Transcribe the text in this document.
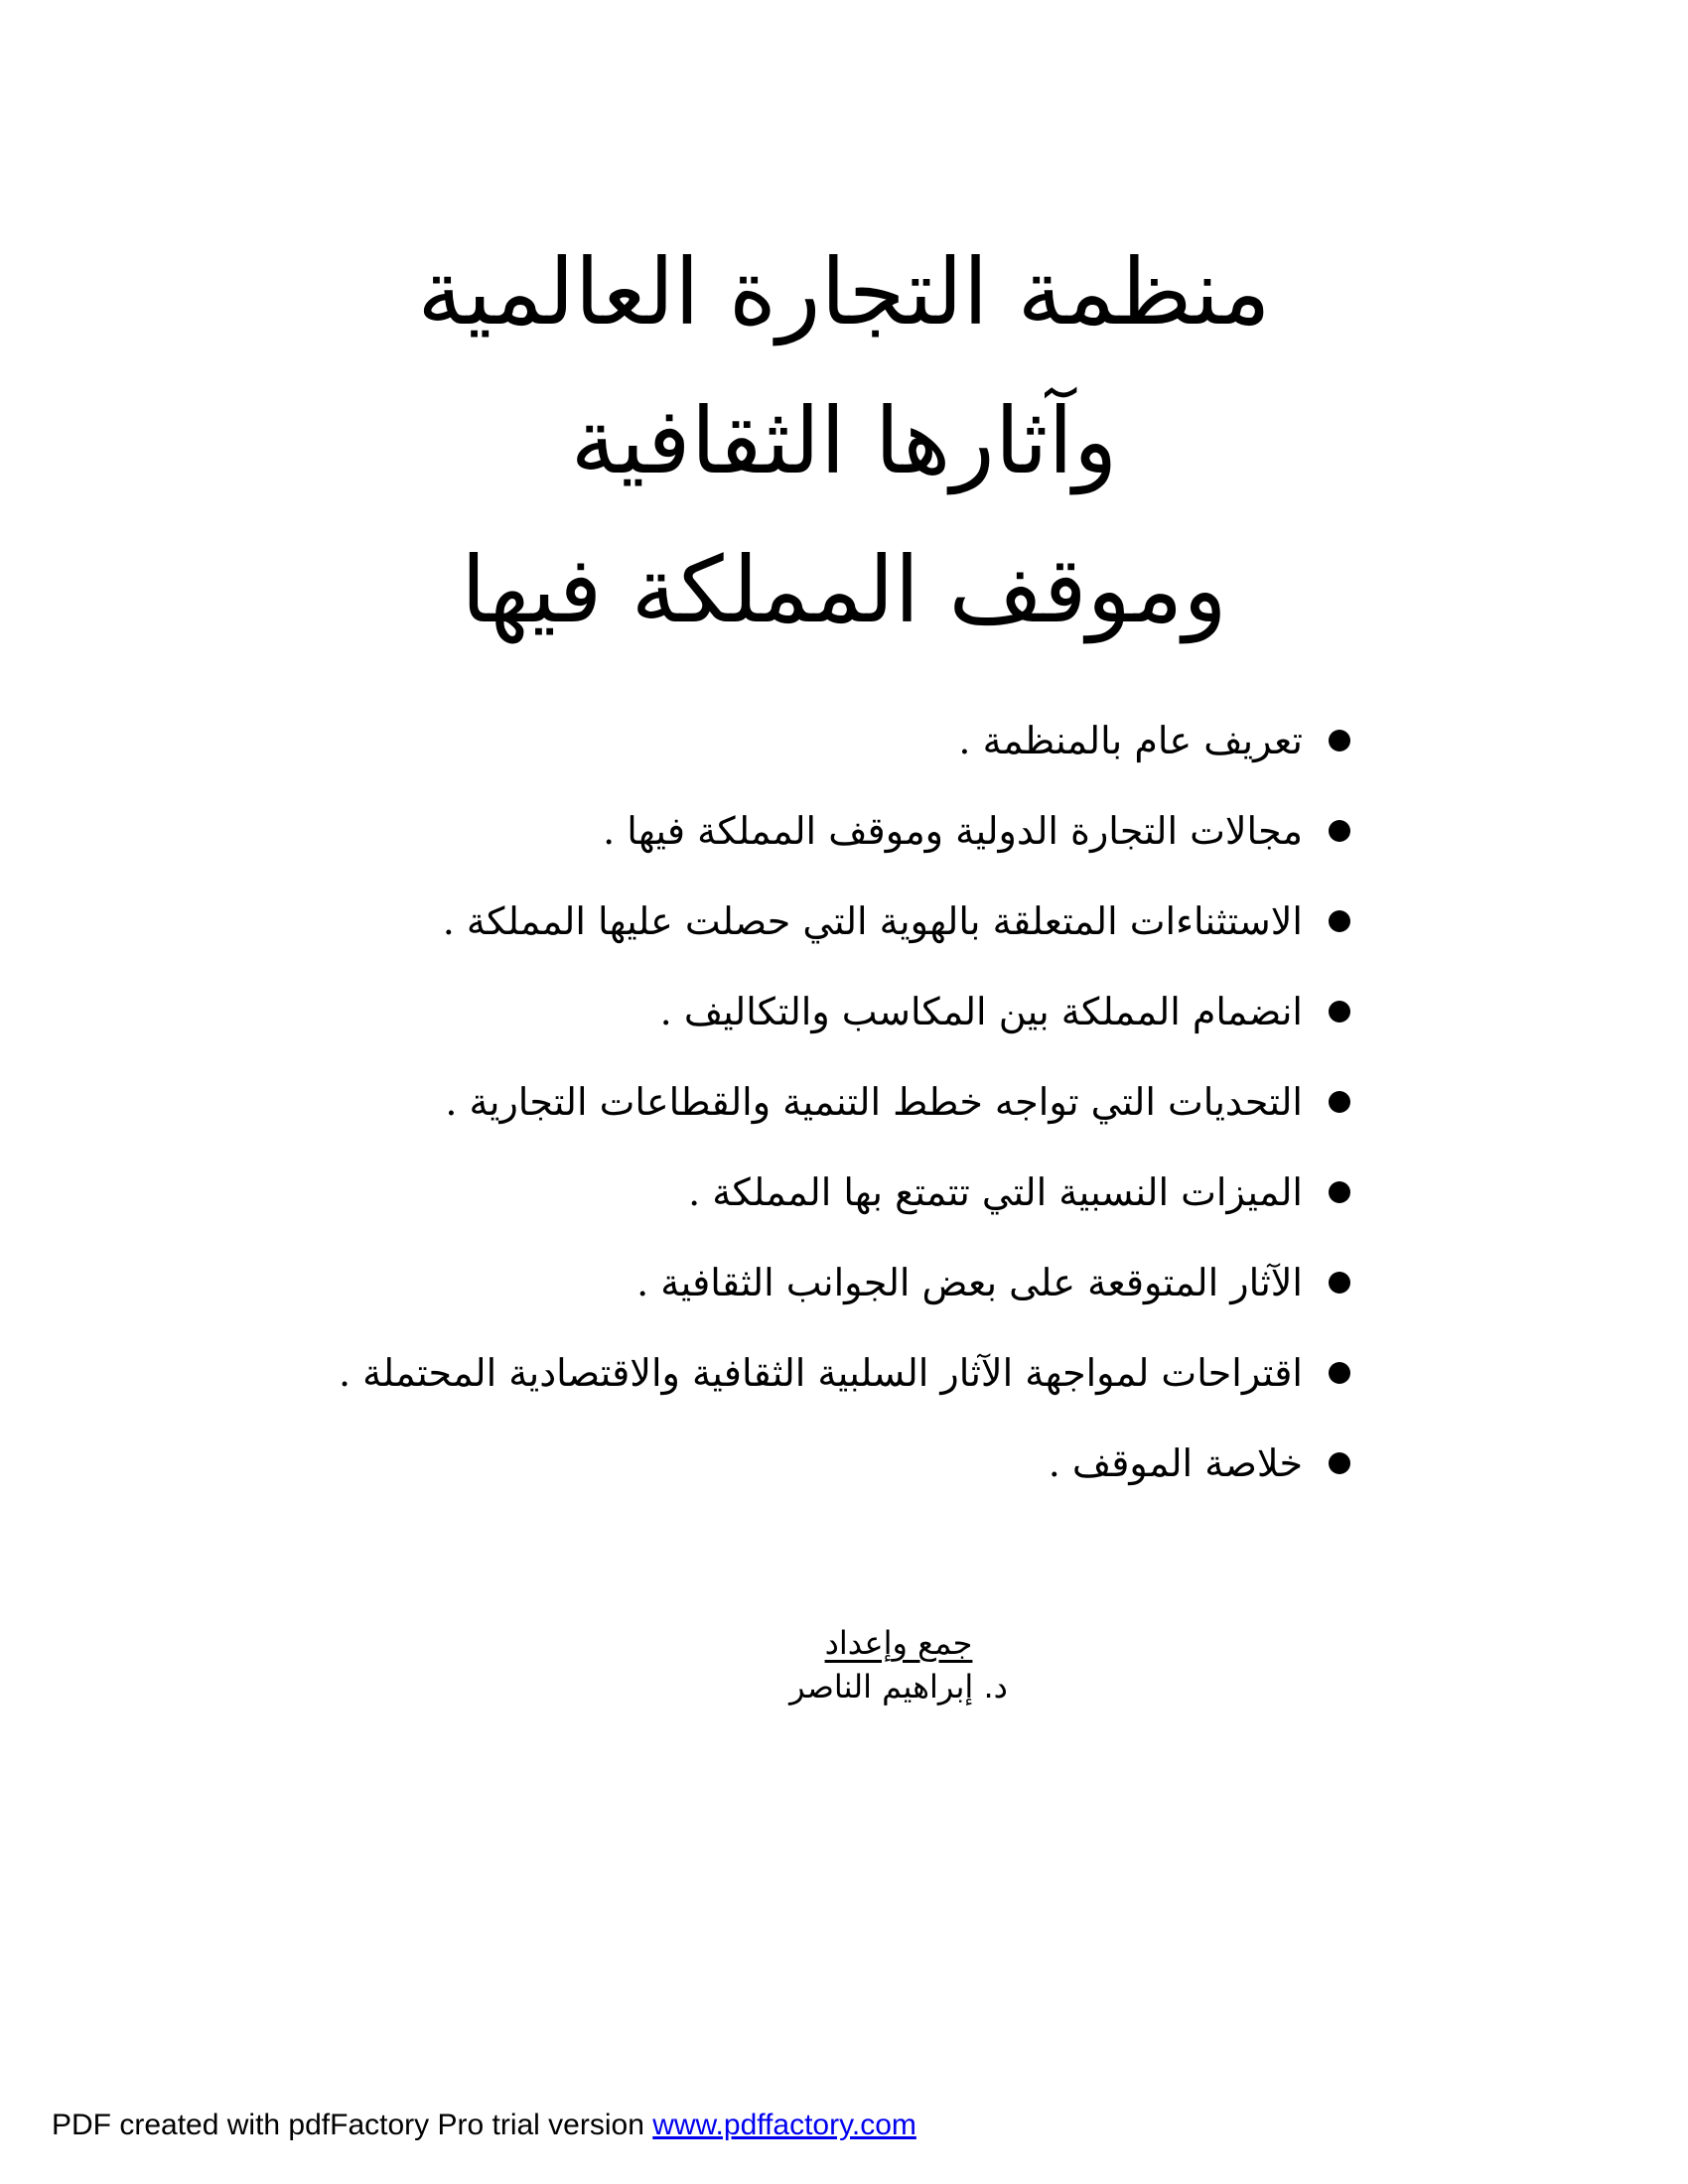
منظمة التجارة العالمية
وآثارها الثقافية
وموقف المملكة فيها
تعريف عام بالمنظمة .
مجالات التجارة الدولية وموقف المملكة فيها .
الاستثناءات المتعلقة بالهوية التي حصلت عليها المملكة .
انضمام المملكة بين المكاسب والتكاليف .
التحديات التي تواجه خطط التنمية والقطاعات التجارية .
الميزات النسبية التي تتمتع بها المملكة .
الآثار المتوقعة على بعض الجوانب الثقافية .
اقتراحات لمواجهة الآثار السلبية الثقافية والاقتصادية المحتملة .
خلاصة الموقف .
جمع وإعداد
د. إبراهيم الناصر
PDF created with pdfFactory Pro trial version www.pdffactory.com
